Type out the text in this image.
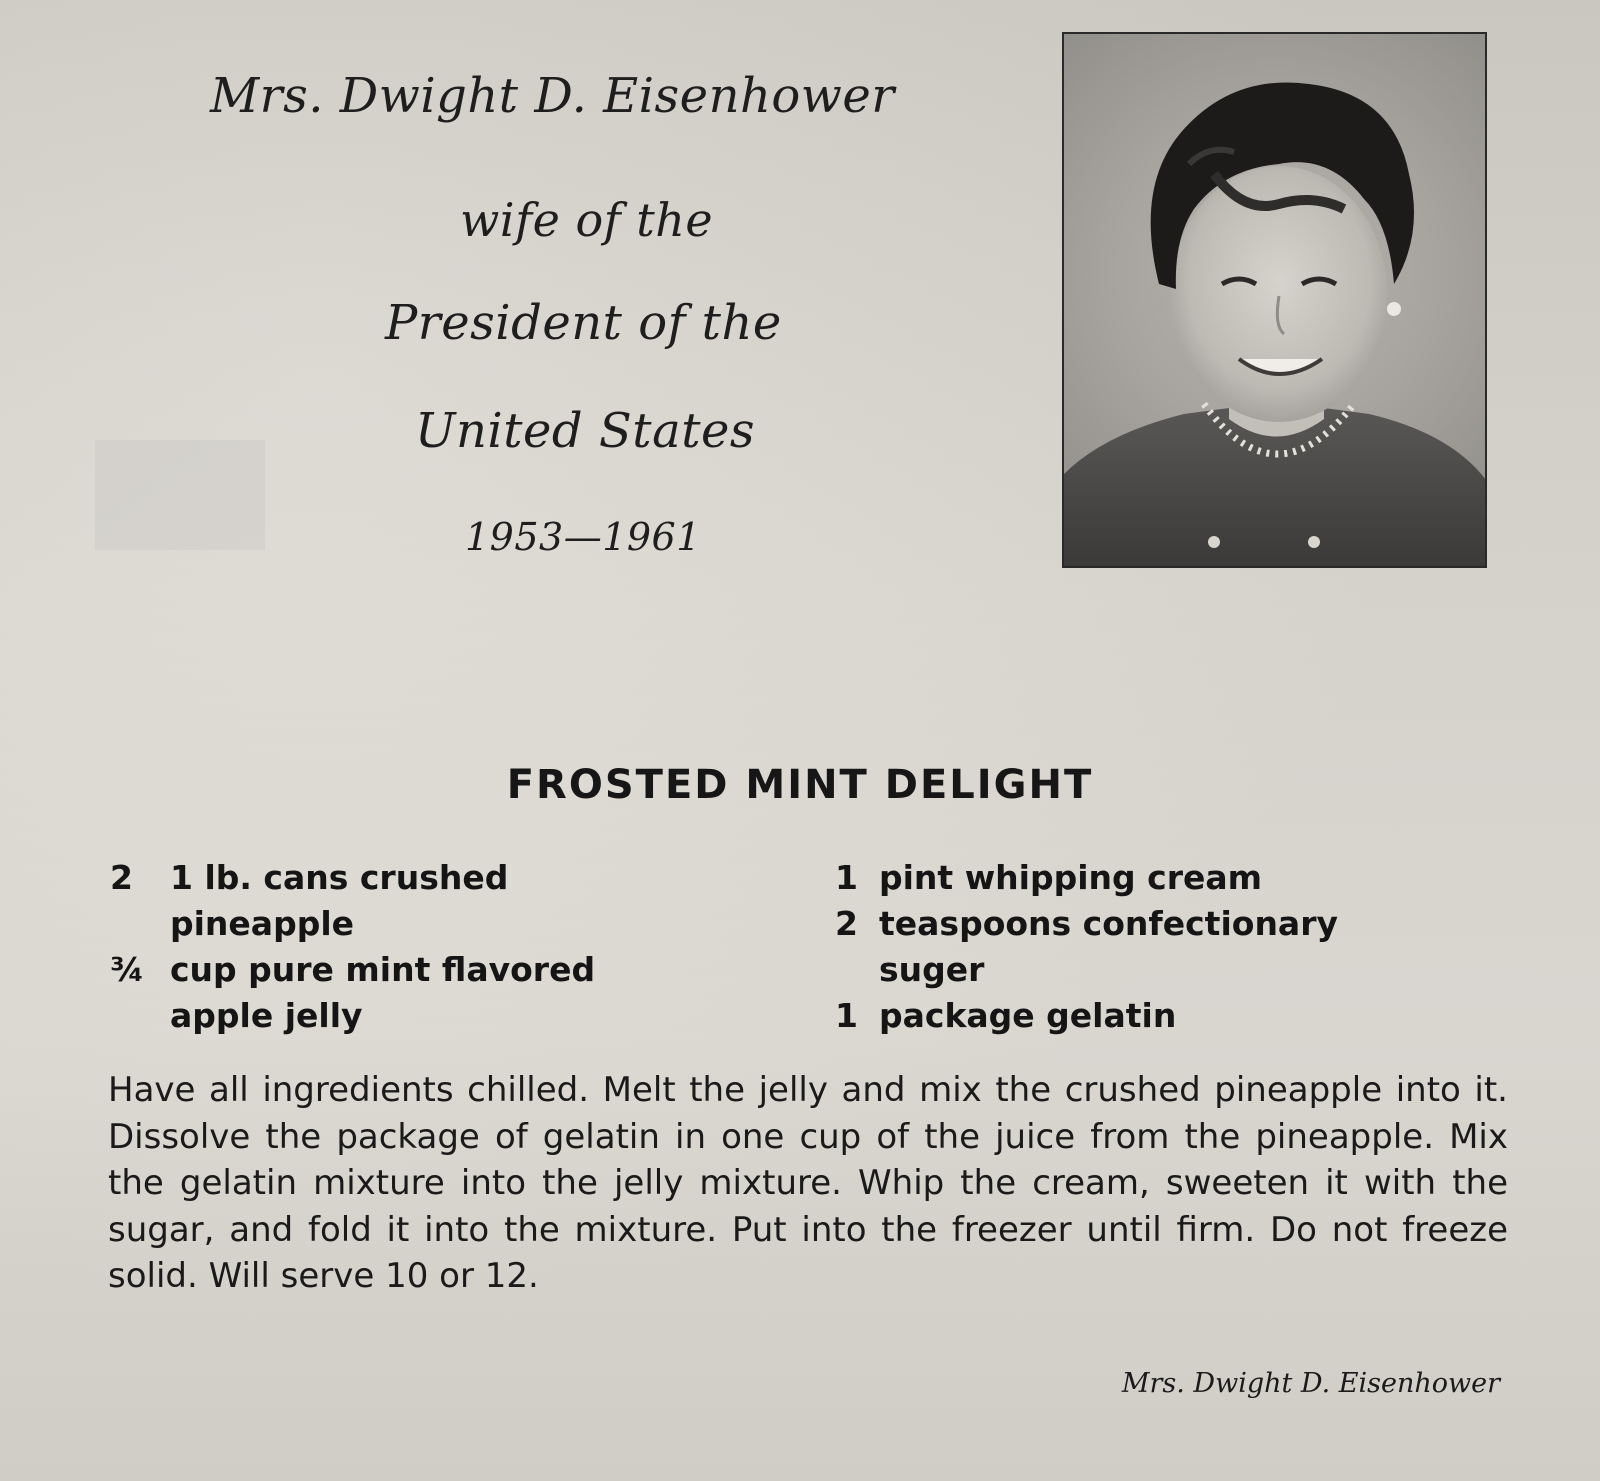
Mrs. Dwight D. Eisenhower
wife of the
President of the
United States
1953—1961
FROSTED MINT DELIGHT
2	1 lb. cans crushed
pineapple
¾ cup pure mint flavored
apple jelly
1 pint whipping cream
2 teaspoons confectionary
suger
1 package gelatin
Have all ingredients chilled. Melt the jelly and mix the crushed pineapple into it. Dissolve the package of gelatin in one cup of the juice from the pineapple. Mix the gelatin mixture into the jelly mixture. Whip the cream, sweeten it with the sugar, and fold it into the mixture. Put into the freezer until firm. Do not freeze solid. Will serve 10 or 12.
Mrs. Dwight D. Eisenhower
